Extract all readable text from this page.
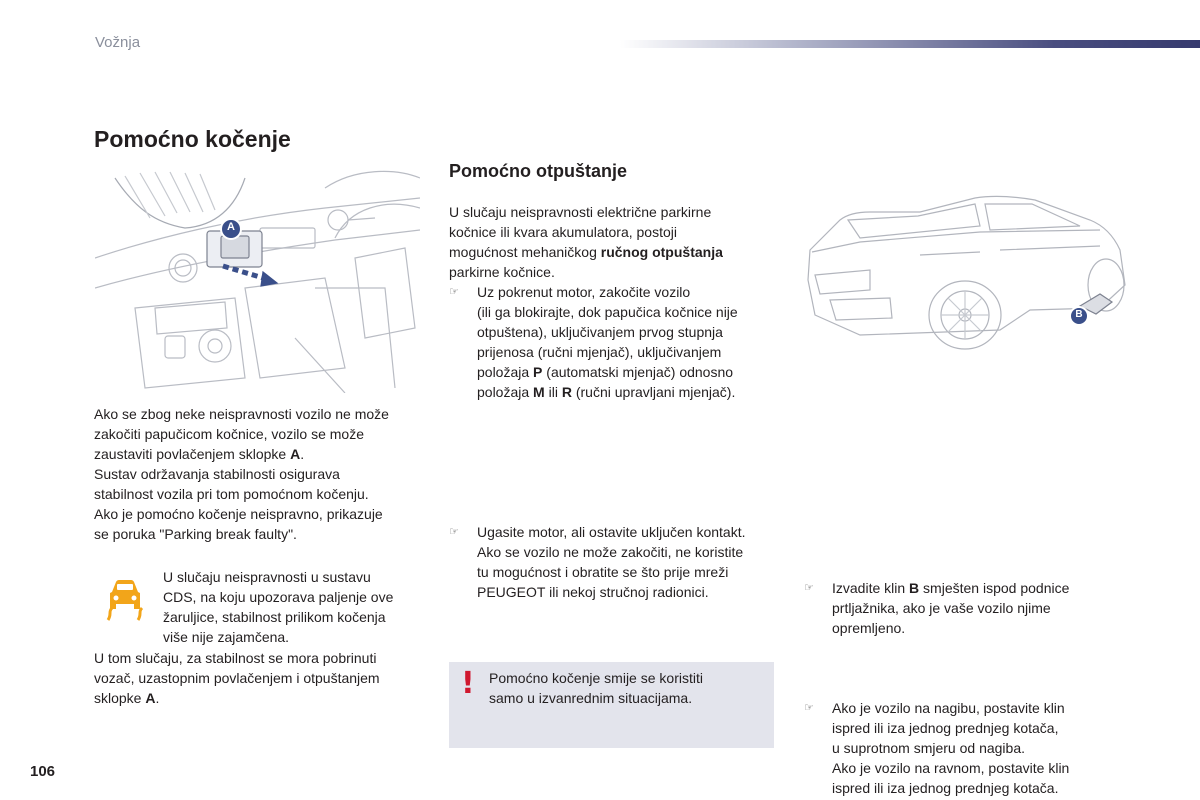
Vožnja
Pomoćno kočenje
A

Ako se zbog neke neispravnosti vozilo ne može

zakočiti papučicom kočnice, vozilo se može

zaustaviti povlačenjem sklopke A.

Sustav održavanja stabilnosti osigurava

stabilnost vozila pri tom pomoćnom kočenju.

Ako je pomoćno kočenje neispravno, prikazuje

se poruka "Parking break faulty".

U slučaju neispravnosti u sustavu

CDS, na koju upozorava paljenje ove

žaruljice, stabilnost prilikom kočenja

više nije zajamčena.

U tom slučaju, za stabilnost se mora pobrinuti

vozač, uzastopnim povlačenjem i otpuštanjem

sklopke A.

Pomoćno otpuštanje

U slučaju neispravnosti električne parkirne

kočnice ili kvara akumulatora, postoji

mogućnost mehaničkog ručnog otpuštanja

parkirne kočnice.

☞ Uz pokrenut motor, zakočite vozilo

(ili ga blokirajte, dok papučica kočnice nije

otpuštena), uključivanjem prvog stupnja

prijenosa (ručni mjenjač), uključivanjem

položaja P (automatski mjenjač) odnosno

položaja M ili R (ručni upravljani mjenjač).

☞ Ugasite motor, ali ostavite uključen kontakt.

Ako se vozilo ne može zakočiti, ne koristite

tu mogućnost i obratite se što prije mreži

PEUGEOT ili nekoj stručnoj radionici.

! Pomoćno kočenje smije se koristiti
samo u izvanrednim situacijama.
B
☞ Izvadite klin B smješten ispod podnice

prtljažnika, ako je vaše vozilo njime

opremljeno.

☞ Ako je vozilo na nagibu, postavite klin

ispred ili iza jednog prednjeg kotača,

u suprotnom smjeru od nagiba.

Ako je vozilo na ravnom, postavite klin

ispred ili iza jednog prednjeg kotača.

106
